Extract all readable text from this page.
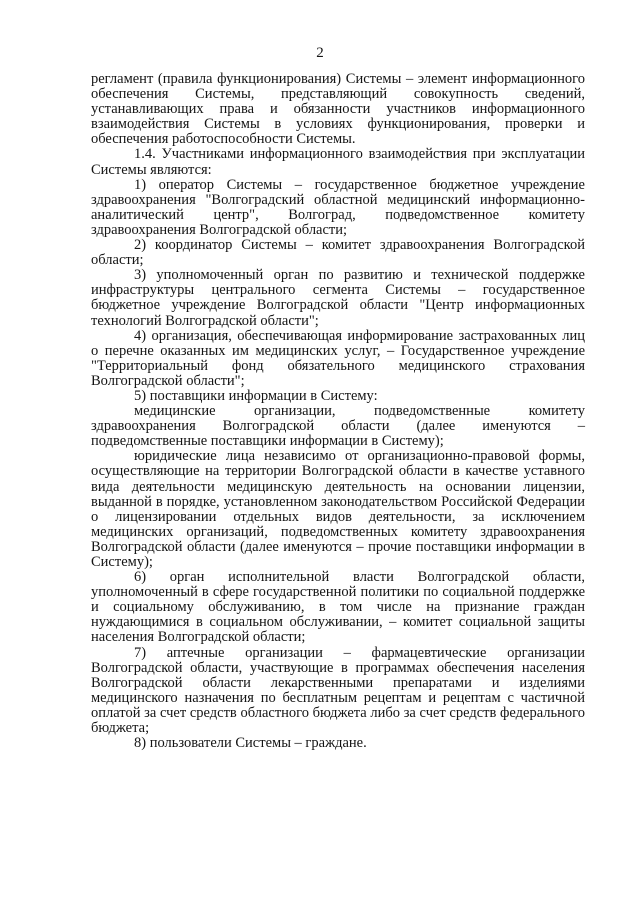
2

регламент (правила функционирования) Системы – элемент информационного обеспечения Системы, представляющий совокупность сведений, устанавливающих права и обязанности участников информационного взаимодействия Системы в условиях функционирования, проверки и обеспечения работоспособности Системы.

1.4. Участниками информационного взаимодействия при эксплуатации Системы являются:

1) оператор Системы – государственное бюджетное учреждение здравоохранения "Волгоградский областной медицинский информационно-аналитический центр", Волгоград, подведомственное комитету здравоохранения Волгоградской области;

2) координатор Системы – комитет здравоохранения Волгоградской области;

3) уполномоченный орган по развитию и технической поддержке инфраструктуры центрального сегмента Системы – государственное бюджетное учреждение Волгоградской области "Центр информационных технологий Волгоградской области";

4) организация, обеспечивающая информирование застрахованных лиц о перечне оказанных им медицинских услуг, – Государственное учреждение "Территориальный фонд обязательного медицинского страхования Волгоградской области";

5) поставщики информации в Систему:

медицинские организации, подведомственные комитету здравоохранения Волгоградской области (далее именуются – подведомственные поставщики информации в Систему);

юридические лица независимо от организационно-правовой формы, осуществляющие на территории Волгоградской области в качестве уставного вида деятельности медицинскую деятельность на основании лицензии, выданной в порядке, установленном законодательством Российской Федерации о лицензировании отдельных видов деятельности, за исключением медицинских организаций, подведомственных комитету здравоохранения Волгоградской области (далее именуются – прочие поставщики информации в Систему);

6) орган исполнительной власти Волгоградской области, уполномоченный в сфере государственной политики по социальной поддержке и социальному обслуживанию, в том числе на признание граждан нуждающимися в социальном обслуживании, – комитет социальной защиты населения Волгоградской области;

7) аптечные организации – фармацевтические организации Волгоградской области, участвующие в программах обеспечения населения Волгоградской области лекарственными препаратами и изделиями медицинского назначения по бесплатным рецептам и рецептам с частичной оплатой за счет средств областного бюджета либо за счет средств федерального бюджета;

8) пользователи Системы – граждане.
